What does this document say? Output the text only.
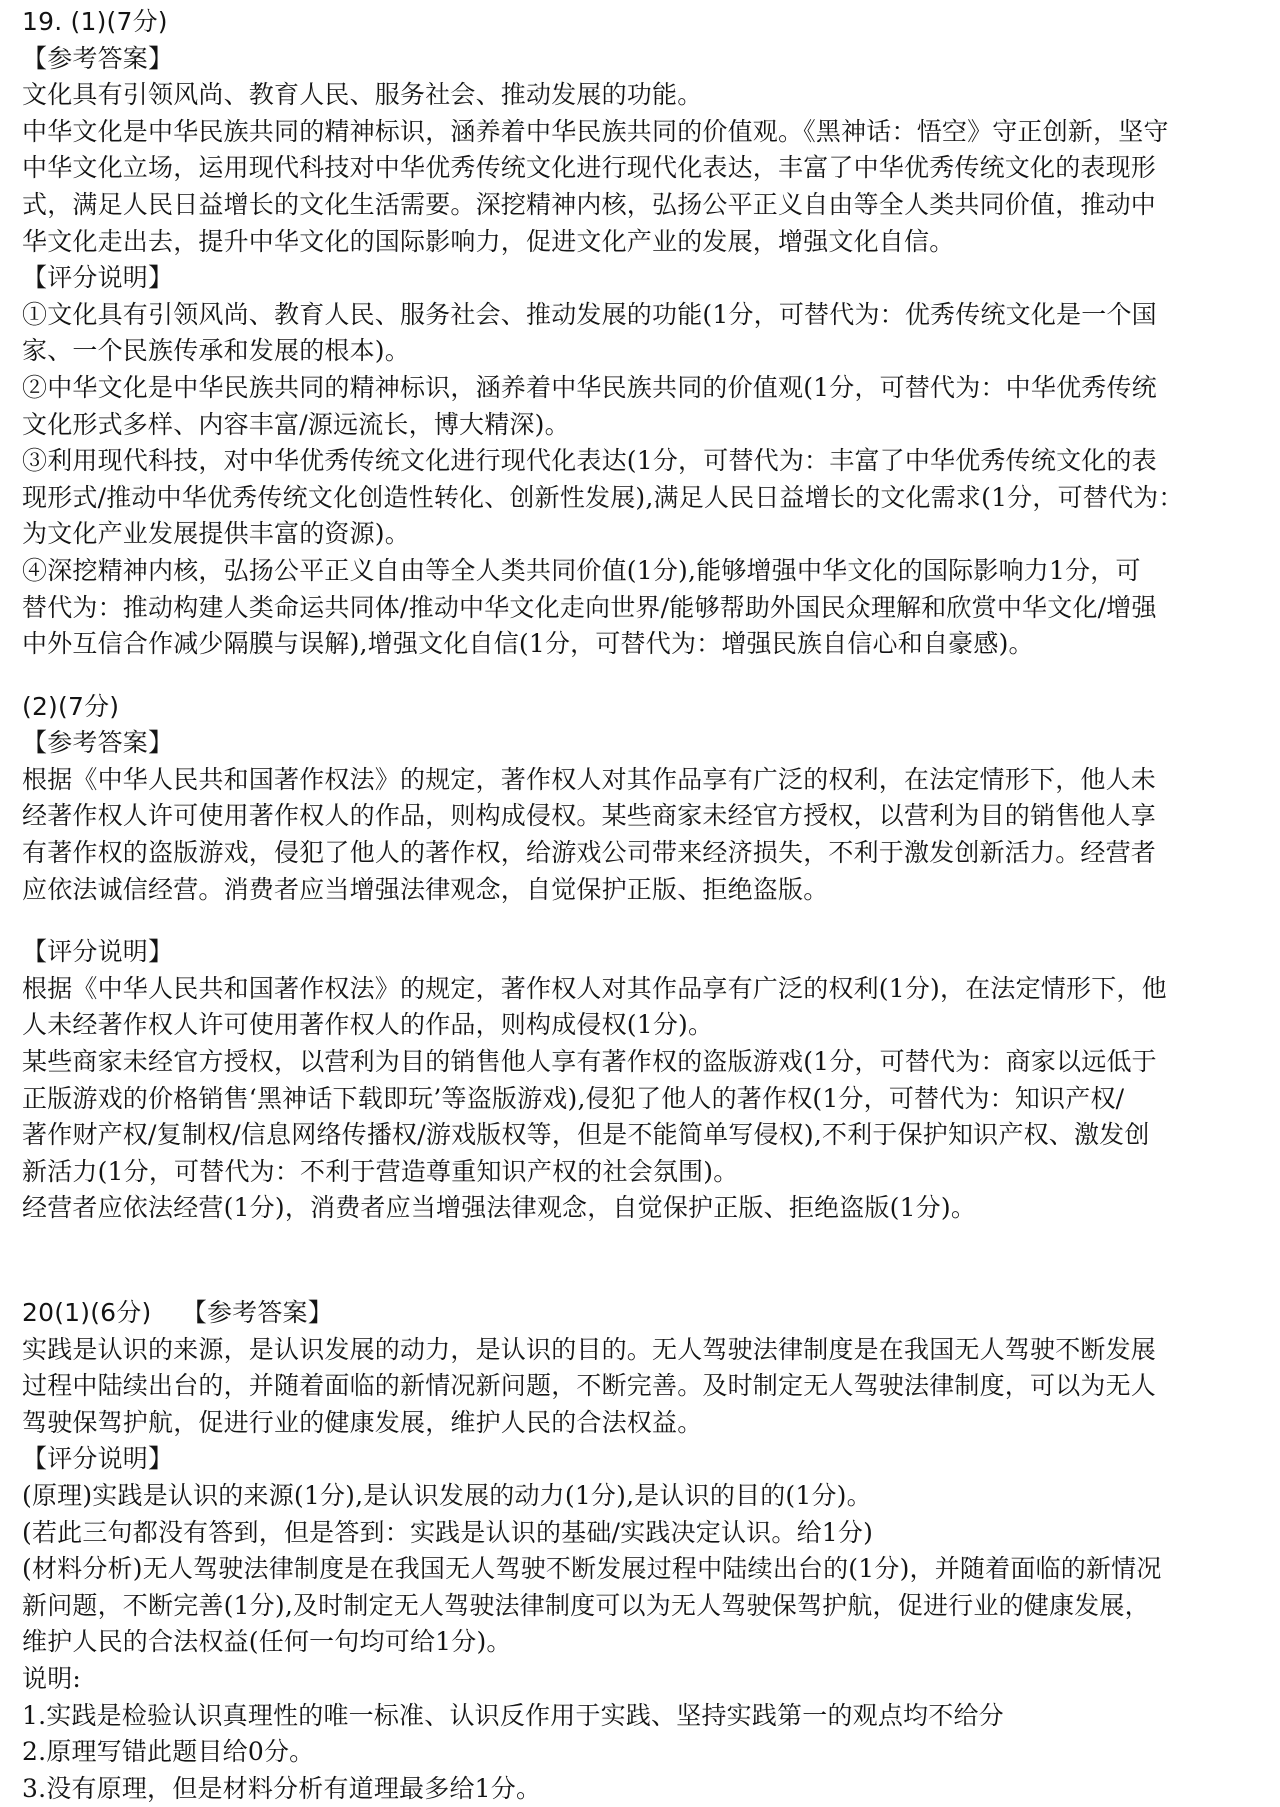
19. (1)(7分)
【参考答案】
文化具有引领风尚、教育人民、服务社会、推动发展的功能。
中华文化是中华民族共同的精神标识，涵养着中华民族共同的价值观。《黑神话：悟空》守正创新，坚守
中华文化立场，运用现代科技对中华优秀传统文化进行现代化表达，丰富了中华优秀传统文化的表现形
式，满足人民日益增长的文化生活需要。深挖精神内核，弘扬公平正义自由等全人类共同价值，推动中
华文化走出去，提升中华文化的国际影响力，促进文化产业的发展，增强文化自信。
【评分说明】
①文化具有引领风尚、教育人民、服务社会、推动发展的功能(1分，可替代为：优秀传统文化是一个国
家、一个民族传承和发展的根本)。
②中华文化是中华民族共同的精神标识，涵养着中华民族共同的价值观(1分，可替代为：中华优秀传统
文化形式多样、内容丰富/源远流长，博大精深)。
③利用现代科技，对中华优秀传统文化进行现代化表达(1分，可替代为：丰富了中华优秀传统文化的表
现形式/推动中华优秀传统文化创造性转化、创新性发展),满足人民日益增长的文化需求(1分，可替代为：
为文化产业发展提供丰富的资源)。
④深挖精神内核，弘扬公平正义自由等全人类共同价值(1分),能够增强中华文化的国际影响力1分，可
替代为：推动构建人类命运共同体/推动中华文化走向世界/能够帮助外国民众理解和欣赏中华文化/增强
中外互信合作减少隔膜与误解),增强文化自信(1分，可替代为：增强民族自信心和自豪感)。
(2)(7分)
【参考答案】
根据《中华人民共和国著作权法》的规定，著作权人对其作品享有广泛的权利，在法定情形下，他人未
经著作权人许可使用著作权人的作品，则构成侵权。某些商家未经官方授权，以营利为目的销售他人享
有著作权的盗版游戏，侵犯了他人的著作权，给游戏公司带来经济损失，不利于激发创新活力。经营者
应依法诚信经营。消费者应当增强法律观念，自觉保护正版、拒绝盗版。
【评分说明】
根据《中华人民共和国著作权法》的规定，著作权人对其作品享有广泛的权利(1分)，在法定情形下，他
人未经著作权人许可使用著作权人的作品，则构成侵权(1分)。
某些商家未经官方授权，以营利为目的销售他人享有著作权的盗版游戏(1分，可替代为：商家以远低于
正版游戏的价格销售‘黑神话下载即玩’等盗版游戏),侵犯了他人的著作权(1分，可替代为：知识产权/
著作财产权/复制权/信息网络传播权/游戏版权等，但是不能简单写侵权),不利于保护知识产权、激发创
新活力(1分，可替代为：不利于营造尊重知识产权的社会氛围)。
经营者应依法经营(1分)，消费者应当增强法律观念，自觉保护正版、拒绝盗版(1分)。
20(1)(6分) 【参考答案】
实践是认识的来源，是认识发展的动力，是认识的目的。无人驾驶法律制度是在我国无人驾驶不断发展
过程中陆续出台的，并随着面临的新情况新问题，不断完善。及时制定无人驾驶法律制度，可以为无人
驾驶保驾护航，促进行业的健康发展，维护人民的合法权益。
【评分说明】
(原理)实践是认识的来源(1分),是认识发展的动力(1分),是认识的目的(1分)。
(若此三句都没有答到，但是答到：实践是认识的基础/实践决定认识。给1分)
(材料分析)无人驾驶法律制度是在我国无人驾驶不断发展过程中陆续出台的(1分)，并随着面临的新情况
新问题，不断完善(1分),及时制定无人驾驶法律制度可以为无人驾驶保驾护航，促进行业的健康发展，
维护人民的合法权益(任何一句均可给1分)。
说明:
1.实践是检验认识真理性的唯一标准、认识反作用于实践、坚持实践第一的观点均不给分
2.原理写错此题目给0分。
3.没有原理，但是材料分析有道理最多给1分。
